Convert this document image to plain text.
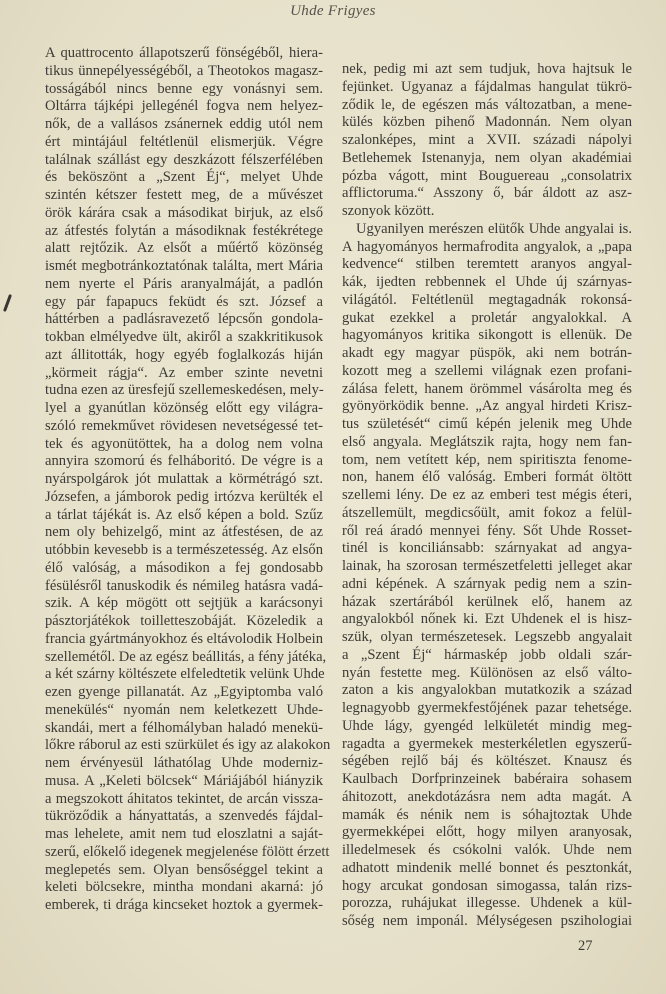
Uhde Frigyes
A quattrocento állapotszerű fönségéből, hiera-
tikus ünnepélyességéből, a Theotokos magasz-
tosságából nincs benne egy vonásnyi sem.
Oltárra tájképi jellegénél fogva nem helyez-
nők, de a vallásos zsánernek eddig utól nem
ért mintájául feltétlenül elismerjük. Végre
találnak szállást egy deszkázott félszerfélében
és beköszönt a „Szent Éj“, melyet Uhde
szintén kétszer festett meg, de a művészet
örök kárára csak a másodikat birjuk, az első
az átfestés folytán a másodiknak festékrétege
alatt rejtőzik. Az elsőt a műértő közönség
ismét megbotránkoztatónak találta, mert Mária
nem nyerte el Páris aranyalmáját, a padlón
egy pár fapapucs feküdt és szt. József a
háttérben a padlásravezető lépcsőn gondola-
tokban elmélyedve ült, akiről a szakkritikusok
azt állitották, hogy egyéb foglalkozás hiján
„körmeit rágja“. Az ember szinte nevetni
tudna ezen az üresfejű szellemeskedésen, mely-
lyel a gyanútlan közönség előtt egy világra-
szóló remekművet rövidesen nevetségessé tet-
tek és agyonütöttek, ha a dolog nem volna
annyira szomorú és felháboritó. De végre is a
nyárspolgárok jót mulattak a körmétrágó szt.
Józsefen, a jámborok pedig irtózva kerülték el
a tárlat tájékát is. Az első képen a bold. Szűz
nem oly behizelgő, mint az átfestésen, de az
utóbbin kevesebb is a természetesség. Az elsőn
élő valóság, a másodikon a fej gondosabb
fésülésről tanuskodik és némileg hatásra vadá-
szik. A kép mögött ott sejtjük a karácsonyi
pásztorjátékok toilletteszobáját. Közeledik a
francia gyártmányokhoz és eltávolodik Holbein
szellemétől. De az egész beállitás, a fény játéka,
a két szárny költészete elfeledtetik velünk Uhde
ezen gyenge pillanatát. Az „Egyiptomba való
menekülés“ nyomán nem keletkezett Uhde-
skandái, mert a félhomályban haladó menekü-
lőkre ráborul az esti szürkület és igy az alakokon
nem érvényesül láthatólag Uhde moderniz-
musa. A „Keleti bölcsek“ Máriájából hiányzik
a megszokott áhitatos tekintet, de arcán vissza-
tükröződik a hányattatás, a szenvedés fájdal-
mas lehelete, amit nem tud eloszlatni a saját-
szerű, előkelő idegenek megjelenése fölött érzett
meglepetés sem. Olyan bensőséggel tekint a
keleti bölcsekre, mintha mondani akarná: jó
emberek, ti drága kincseket hoztok a gyermek-
nek, pedig mi azt sem tudjuk, hova hajtsuk le
fejünket. Ugyanaz a fájdalmas hangulat tükrö-
ződik le, de egészen más változatban, a mene-
külés közben pihenő Madonnán. Nem olyan
szalonképes, mint a XVII. századi nápolyi
Betlehemek Istenanyja, nem olyan akadémiai
pózba vágott, mint Bouguereau „consolatrix
afflictoruma.“ Asszony ő, bár áldott az asz-
szonyok között.
Ugyanilyen merészen elütők Uhde angyalai is.
A hagyományos hermafrodita angyalok, a „papa
kedvence“ stilben teremtett aranyos angyal-
kák, ijedten rebbennek el Uhde új szárnyas-
világától. Feltétlenül megtagadnák rokonsá-
gukat ezekkel a proletár angyalokkal. A
hagyományos kritika sikongott is ellenük. De
akadt egy magyar püspök, aki nem botrán-
kozott meg a szellemi világnak ezen profani-
zálása felett, hanem örömmel vásárolta meg és
gyönyörködik benne. „Az angyal hirdeti Krisz-
tus születését“ cimű képén jelenik meg Uhde
első angyala. Meglátszik rajta, hogy nem fan-
tom, nem vetített kép, nem spiritiszta fenome-
non, hanem élő valóság. Emberi formát öltött
szellemi lény. De ez az emberi test mégis éteri,
átszellemült, megdicsőült, amit fokoz a felül-
ről reá áradó mennyei fény. Sőt Uhde Rosset-
tinél is konciliánsabb: szárnyakat ad angya-
lainak, ha szorosan természetfeletti jelleget akar
adni képének. A szárnyak pedig nem a szin-
házak szertárából kerülnek elő, hanem az
angyalokból nőnek ki. Ezt Uhdenek el is hisz-
szük, olyan természetesek. Legszebb angyalait
a „Szent Éj“ hármaskép jobb oldali szár-
nyán festette meg. Különösen az első válto-
zaton a kis angyalokban mutatkozik a század
legnagyobb gyermekfestőjének pazar tehetsége.
Uhde lágy, gyengéd lelkületét mindig meg-
ragadta a gyermekek mesterkéletlen egyszerű-
ségében rejlő báj és költészet. Knausz és
Kaulbach Dorfprinzeinek babéraira sohasem
áhitozott, anekdotázásra nem adta magát. A
mamák és nénik nem is sóhajtoztak Uhde
gyermekképei előtt, hogy milyen aranyosak,
illedelmesek és csókolni valók. Uhde nem
adhatott mindenik mellé bonnet és pesztonkát,
hogy arcukat gondosan simogassa, talán rizs-
porozza, ruhájukat illegesse. Uhdenek a kül-
sőség nem imponál. Mélységesen pszihologiai
27
